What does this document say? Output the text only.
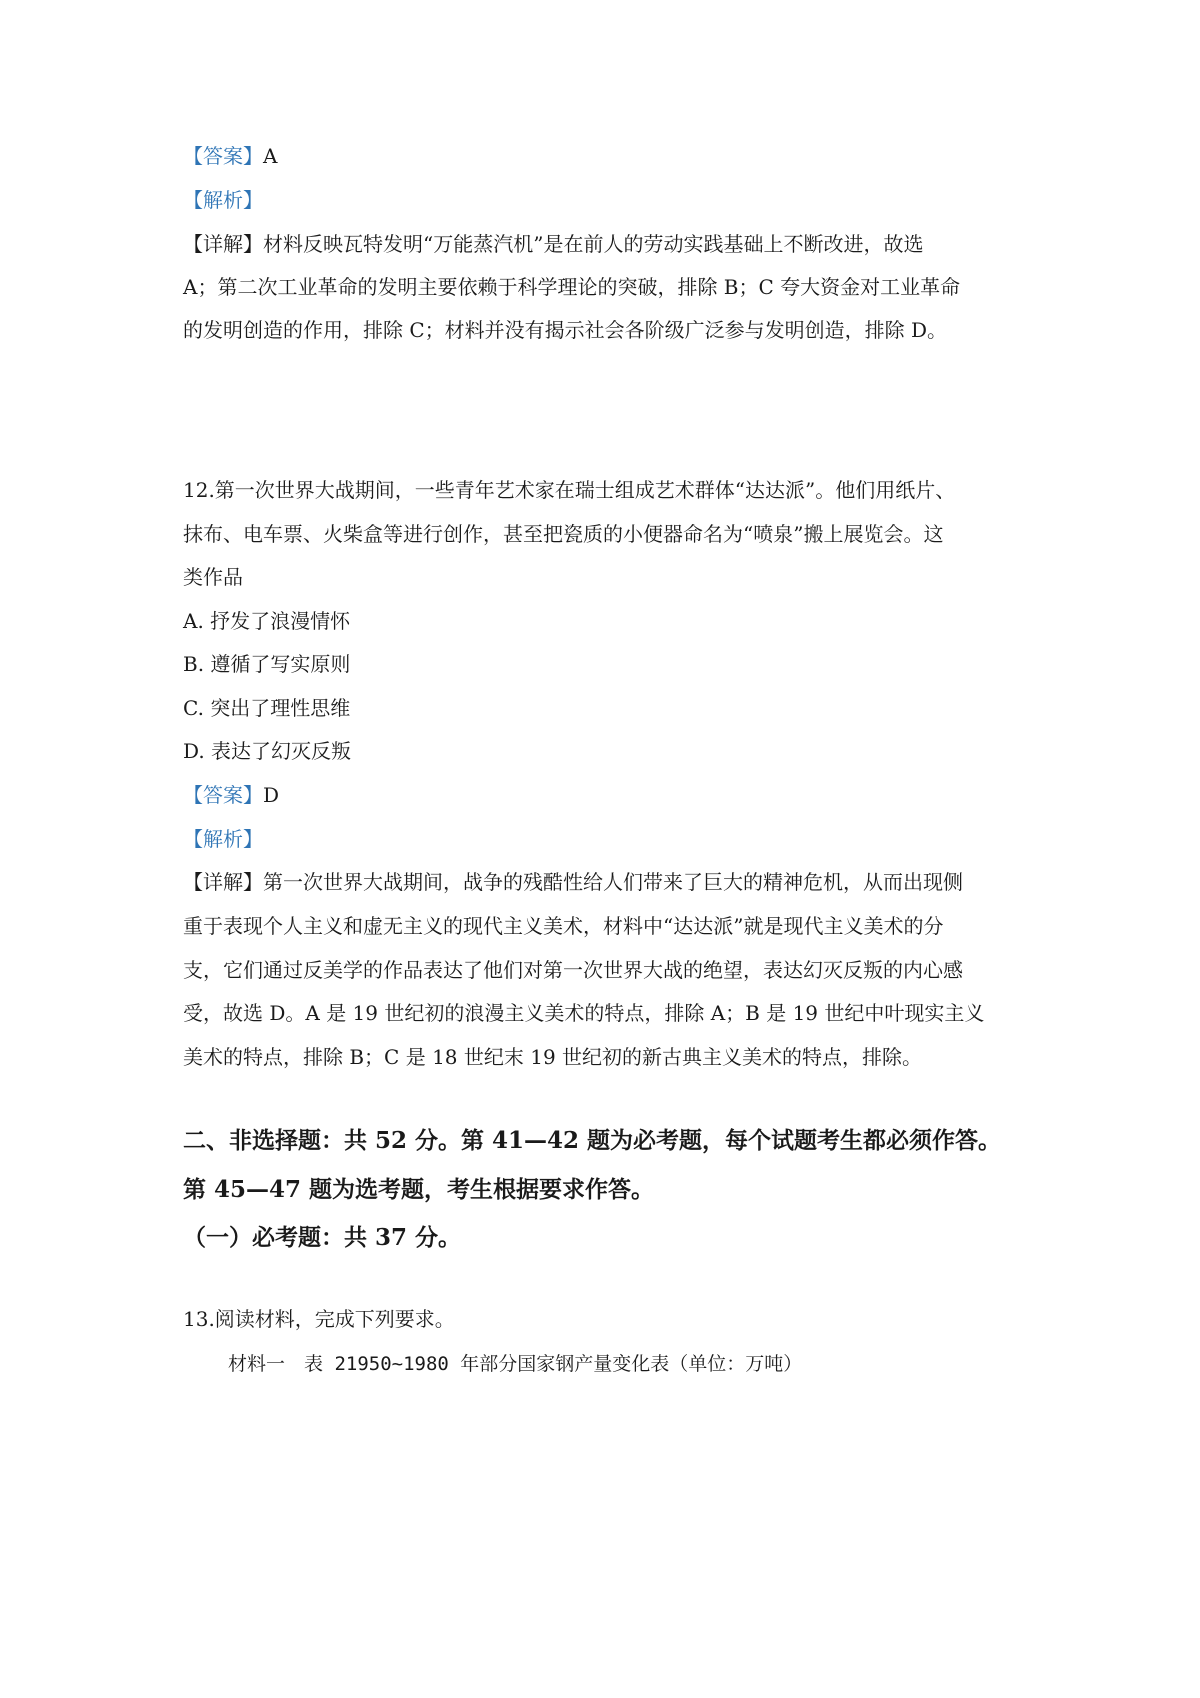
【答案】A
【解析】
【详解】材料反映瓦特发明“万能蒸汽机”是在前人的劳动实践基础上不断改进，故选
A；第二次工业革命的发明主要依赖于科学理论的突破，排除 B；C 夸大资金对工业革命
的发明创造的作用，排除 C；材料并没有揭示社会各阶级广泛参与发明创造，排除 D。
12.第一次世界大战期间，一些青年艺术家在瑞士组成艺术群体“达达派”。他们用纸片、
抹布、电车票、火柴盒等进行创作，甚至把瓷质的小便器命名为“喷泉”搬上展览会。这
类作品
A. 抒发了浪漫情怀
B. 遵循了写实原则
C. 突出了理性思维
D. 表达了幻灭反叛
【答案】D
【解析】
【详解】第一次世界大战期间，战争的残酷性给人们带来了巨大的精神危机，从而出现侧
重于表现个人主义和虚无主义的现代主义美术，材料中“达达派”就是现代主义美术的分
支，它们通过反美学的作品表达了他们对第一次世界大战的绝望，表达幻灭反叛的内心感
受，故选 D。A 是 19 世纪初的浪漫主义美术的特点，排除 A；B 是 19 世纪中叶现实主义
美术的特点，排除 B；C 是 18 世纪末 19 世纪初的新古典主义美术的特点，排除。
二、非选择题：共 52 分。第 41—42 题为必考题，每个试题考生都必须作答。
第 45—47 题为选考题，考生根据要求作答。
（一）必考题：共 37 分。
13.阅读材料，完成下列要求。
材料一　表 21950~1980 年部分国家钢产量变化表（单位：万吨）
